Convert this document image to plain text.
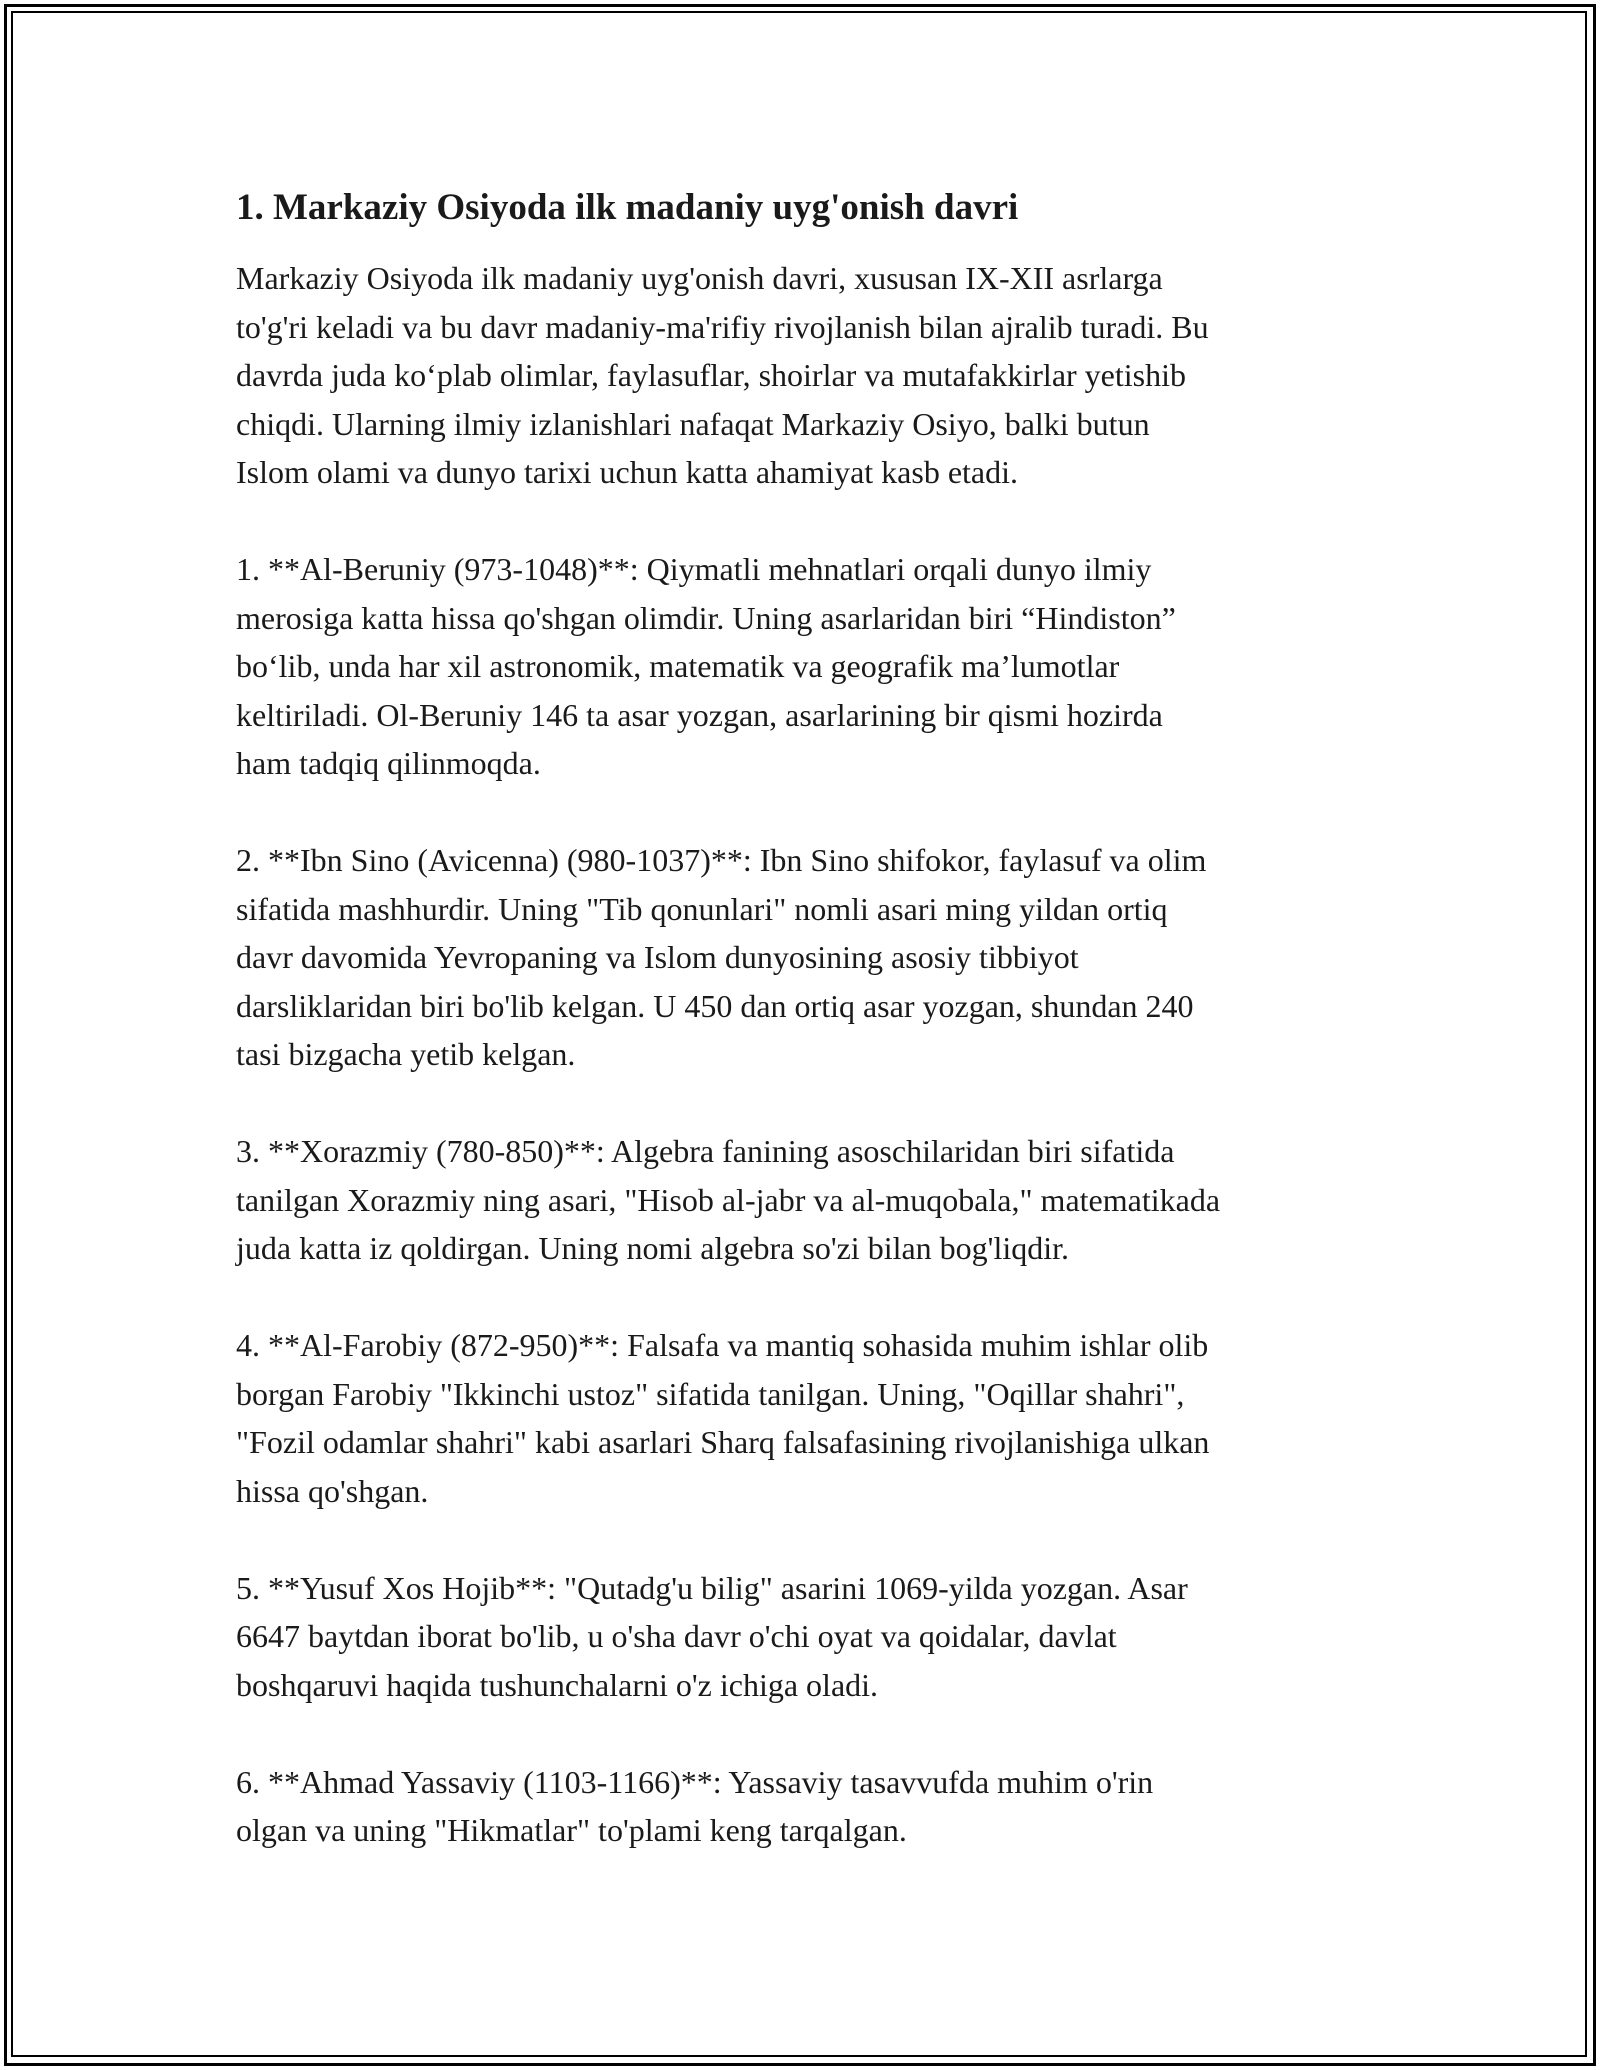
1. Markaziy Osiyoda ilk madaniy uyg'onish davri

Markaziy Osiyoda ilk madaniy uyg'onish davri, xususan IX-XII asrlarga
to'g'ri keladi va bu davr madaniy-ma'rifiy rivojlanish bilan ajralib turadi. Bu
davrda juda ko‘plab olimlar, faylasuflar, shoirlar va mutafakkirlar yetishib
chiqdi. Ularning ilmiy izlanishlari nafaqat Markaziy Osiyo, balki butun
Islom olami va dunyo tarixi uchun katta ahamiyat kasb etadi.

1. **Al-Beruniy (973-1048)**: Qiymatli mehnatlari orqali dunyo ilmiy
merosiga katta hissa qo'shgan olimdir. Uning asarlaridan biri “Hindiston”
bo‘lib, unda har xil astronomik, matematik va geografik ma’lumotlar
keltiriladi. Ol-Beruniy 146 ta asar yozgan, asarlarining bir qismi hozirda
ham tadqiq qilinmoqda.

2. **Ibn Sino (Avicenna) (980-1037)**: Ibn Sino shifokor, faylasuf va olim
sifatida mashhurdir. Uning "Tib qonunlari" nomli asari ming yildan ortiq
davr davomida Yevropaning va Islom dunyosining asosiy tibbiyot
darsliklaridan biri bo'lib kelgan. U 450 dan ortiq asar yozgan, shundan 240
tasi bizgacha yetib kelgan.

3. **Xorazmiy (780-850)**: Algebra fanining asoschilaridan biri sifatida
tanilgan Xorazmiy ning asari, "Hisob al-jabr va al-muqobala," matematikada
juda katta iz qoldirgan. Uning nomi algebra so'zi bilan bog'liqdir.

4. **Al-Farobiy (872-950)**: Falsafa va mantiq sohasida muhim ishlar olib
borgan Farobiy "Ikkinchi ustoz" sifatida tanilgan. Uning, "Oqillar shahri",
"Fozil odamlar shahri" kabi asarlari Sharq falsafasining rivojlanishiga ulkan
hissa qo'shgan.

5. **Yusuf Xos Hojib**: "Qutadg'u bilig" asarini 1069-yilda yozgan. Asar
6647 baytdan iborat bo'lib, u o'sha davr o'chi oyat va qoidalar, davlat
boshqaruvi haqida tushunchalarni o'z ichiga oladi.

6. **Ahmad Yassaviy (1103-1166)**: Yassaviy tasavvufda muhim o'rin
olgan va uning "Hikmatlar" to'plami keng tarqalgan.
